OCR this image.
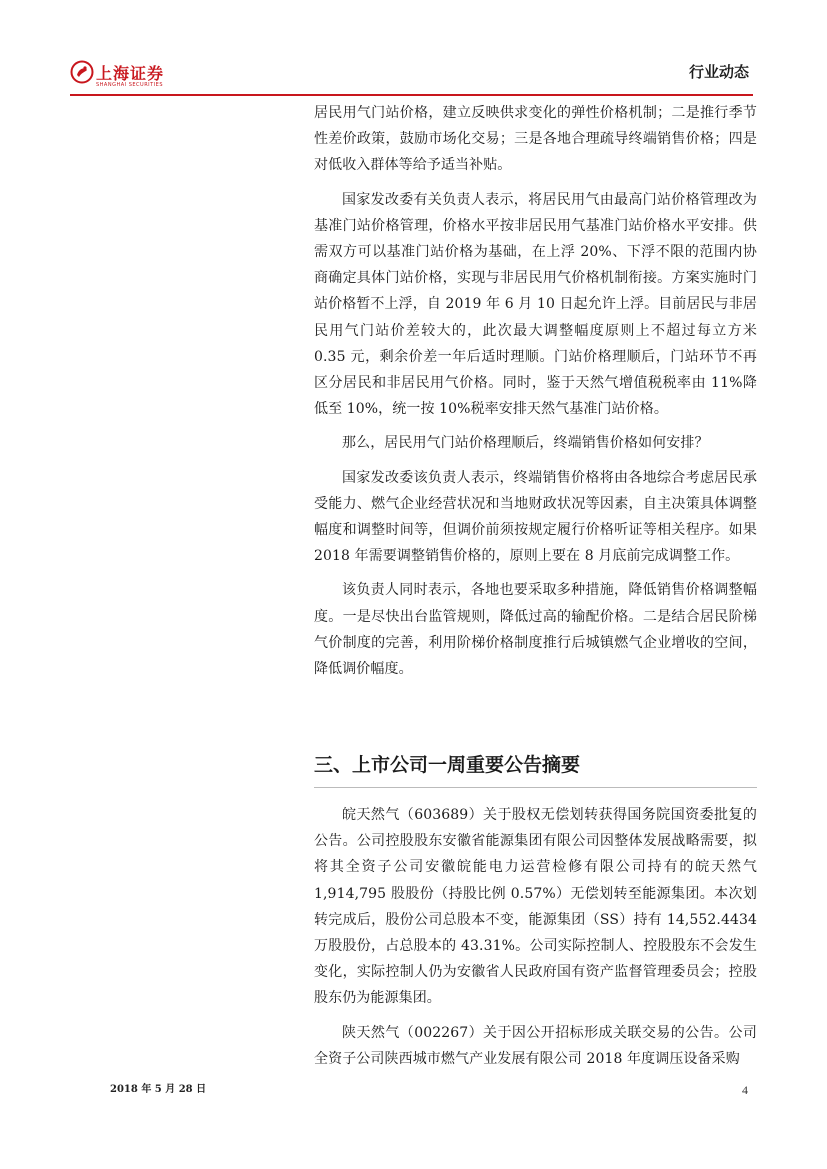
上海证券
SHANGHAI SECURITIES
行业动态

居民用气门站价格，建立反映供求变化的弹性价格机制；二是推行季节性差价政策，鼓励市场化交易；三是各地合理疏导终端销售价格；四是对低收入群体等给予适当补贴。

国家发改委有关负责人表示，将居民用气由最高门站价格管理改为基准门站价格管理，价格水平按非居民用气基准门站价格水平安排。供需双方可以基准门站价格为基础，在上浮 20%、下浮不限的范围内协商确定具体门站价格，实现与非居民用气价格机制衔接。方案实施时门站价格暂不上浮，自 2019 年 6 月 10 日起允许上浮。目前居民与非居民用气门站价差较大的，此次最大调整幅度原则上不超过每立方米 0.35 元，剩余价差一年后适时理顺。门站价格理顺后，门站环节不再区分居民和非居民用气价格。同时，鉴于天然气增值税税率由 11%降低至 10%，统一按 10%税率安排天然气基准门站价格。

那么，居民用气门站价格理顺后，终端销售价格如何安排？

国家发改委该负责人表示，终端销售价格将由各地综合考虑居民承受能力、燃气企业经营状况和当地财政状况等因素，自主决策具体调整幅度和调整时间等，但调价前须按规定履行价格听证等相关程序。如果 2018 年需要调整销售价格的，原则上要在 8 月底前完成调整工作。

该负责人同时表示，各地也要采取多种措施，降低销售价格调整幅度。一是尽快出台监管规则，降低过高的输配价格。二是结合居民阶梯气价制度的完善，利用阶梯价格制度推行后城镇燃气企业增收的空间，降低调价幅度。

三、上市公司一周重要公告摘要

皖天然气（603689）关于股权无偿划转获得国务院国资委批复的公告。公司控股股东安徽省能源集团有限公司因整体发展战略需要，拟将其全资子公司安徽皖能电力运营检修有限公司持有的皖天然气 1,914,795 股股份（持股比例 0.57%）无偿划转至能源集团。本次划转完成后，股份公司总股本不变，能源集团（SS）持有 14,552.4434 万股股份，占总股本的 43.31%。公司实际控制人、控股股东不会发生变化，实际控制人仍为安徽省人民政府国有资产监督管理委员会；控股股东仍为能源集团。

陕天然气（002267）关于因公开招标形成关联交易的公告。公司全资子公司陕西城市燃气产业发展有限公司 2018 年度调压设备采购

2018 年 5 月 28 日	4
